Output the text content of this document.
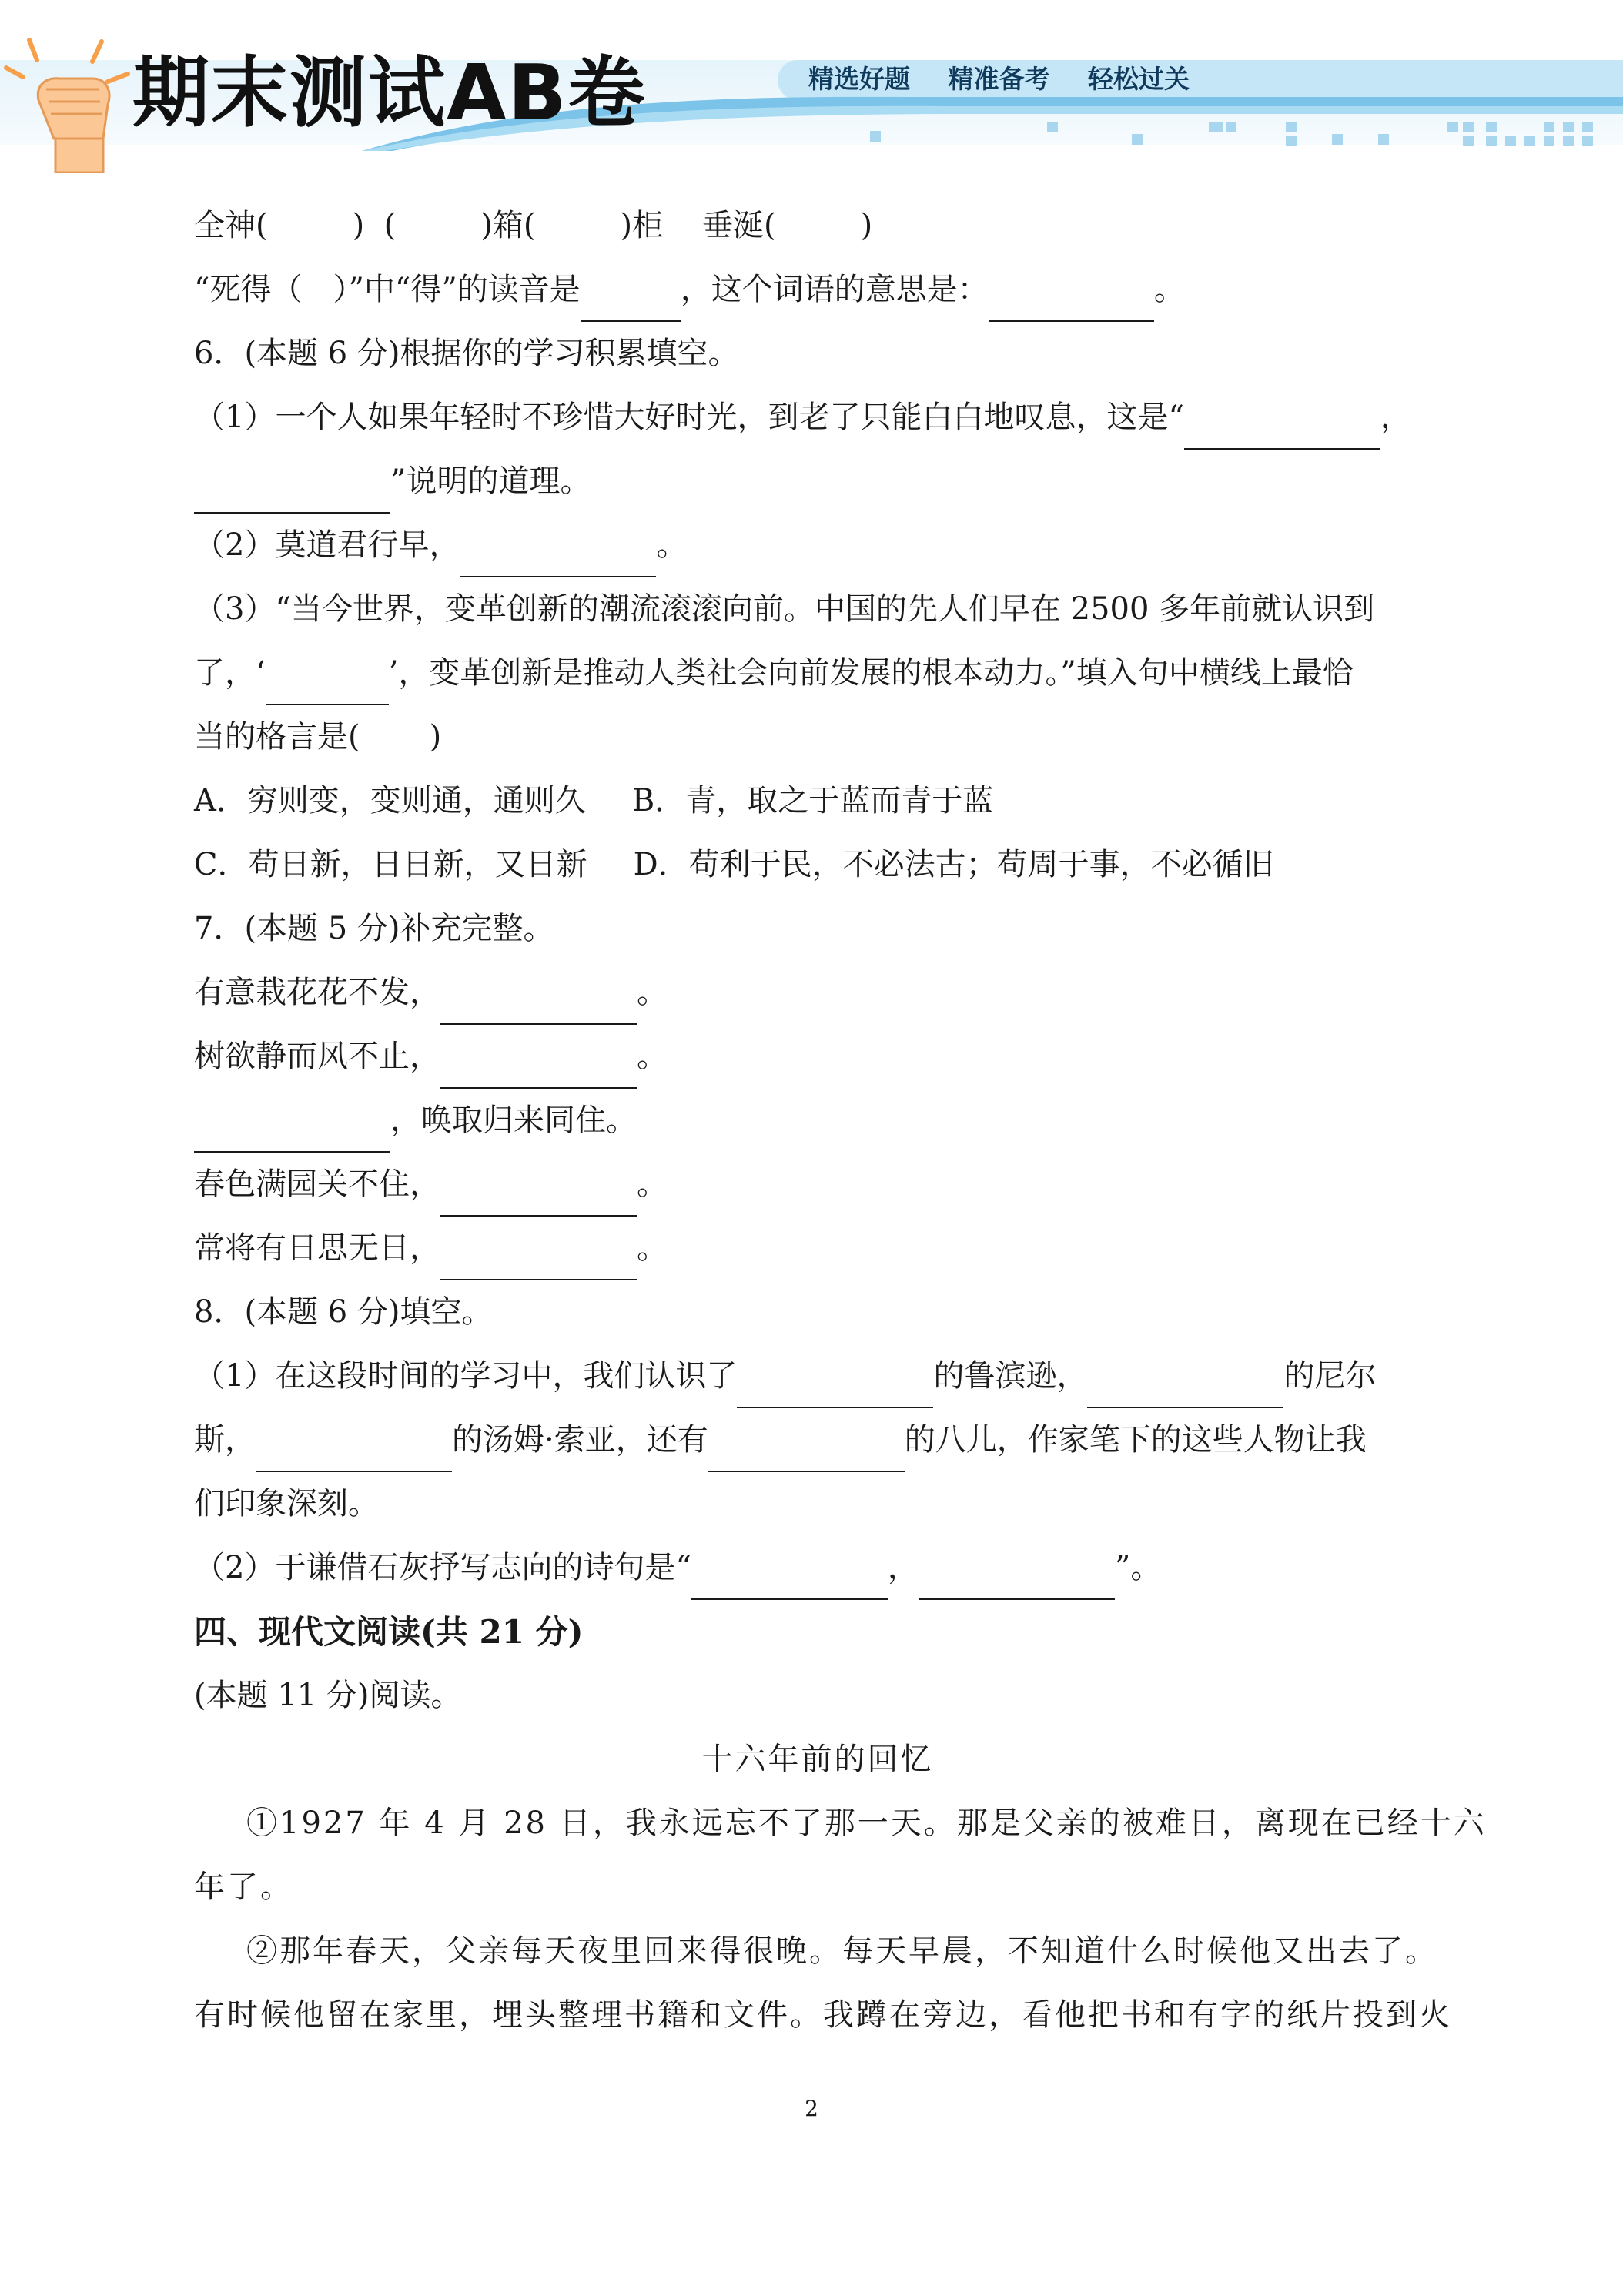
精选好题 精准备考 轻松过关
期末测试AB卷
全神(	) (	)箱(	)柜 垂涎(	)
“死得（ ）”中“得”的读音是	，这个词语的意思是：	。
6．(本题 6 分)根据你的学习积累填空。
（1）一个人如果年轻时不珍惜大好时光，到老了只能白白地叹息，这是“	，
”说明的道理。
（2）莫道君行早，	。
（3）“当今世界，变革创新的潮流滚滚向前。中国的先人们早在 2500 多年前就认识到
了，‘	’，变革创新是推动人类社会向前发展的根本动力。”填入句中横线上最恰
当的格言是( )
A．穷则变，变则通，通则久 B．青，取之于蓝而青于蓝
C．苟日新，日日新，又日新 D．苟利于民，不必法古；苟周于事，不必循旧
7．(本题 5 分)补充完整。
有意栽花花不发，	。
树欲静而风不止，	。
，唤取归来同住。
春色满园关不住，	。
常将有日思无日，	。
8．(本题 6 分)填空。
（1）在这段时间的学习中，我们认识了	的鲁滨逊，	的尼尔
斯，	的汤姆·索亚，还有	的八儿，作家笔下的这些人物让我
们印象深刻。
（2）于谦借石灰抒写志向的诗句是“	，	”。
四、现代文阅读(共 21 分)
(本题 11 分)阅读。
十六年前的回忆
①1927 年 4 月 28 日，我永远忘不了那一天。那是父亲的被难日，离现在已经十六
年了。
②那年春天，父亲每天夜里回来得很晚。每天早晨，不知道什么时候他又出去了。
有时候他留在家里，埋头整理书籍和文件。我蹲在旁边，看他把书和有字的纸片投到火
2
